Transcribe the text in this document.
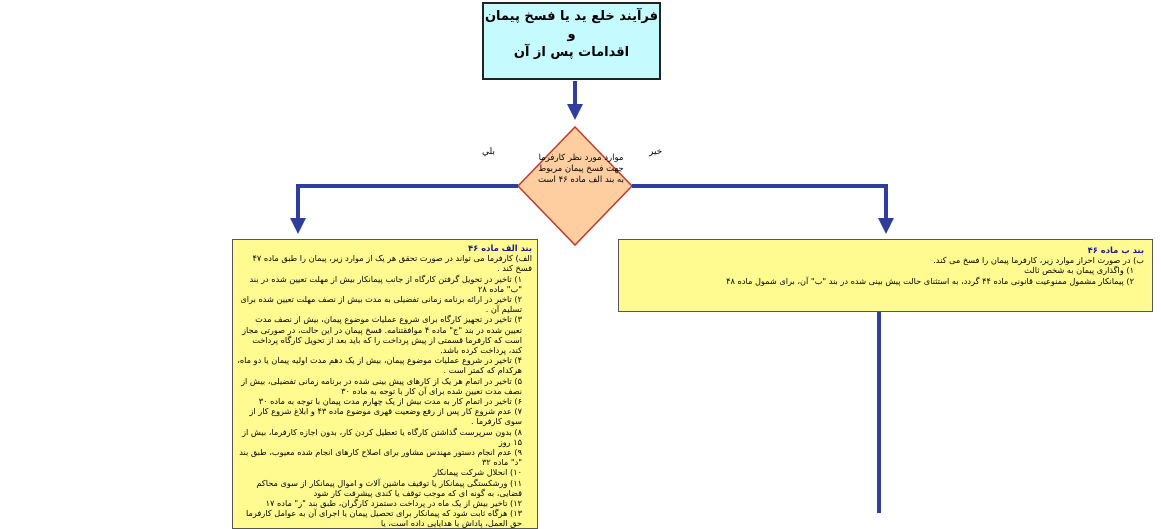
فرآیند خلع ید یا فسخ پیمان
و
اقدامات پس از آن
موارد مورد نظر کارفرما جهت فسخ پیمان مربوط به بند الف ماده ۴۶ است
بلي	خير

بند الف ماده ۴۶

الف) کارفرما می تواند در صورت تحقق هر یک از موارد زیر، پیمان را طبق ماده ۴۷ فسخ کند .

۱) تاخیر در تحویل گرفتن کارگاه از جانب پیمانکار بیش از مهلت تعیین شده در بند "ب" ماده ۲۸
۲) تاخیر در ارائه برنامه زمانی تفضیلی به مدت بیش از نصف مهلت تعیین شده برای تسلیم آن .
۳) تاخیر در تجهیز کارگاه برای شروع عملیات موضوع پیمان، بیش از نصف مدت تعیین شده در بند "ج" ماده ۴ موافقتنامه. فسخ پیمان در این حالت، در صورتی مجاز است که کارفرما قسمتی از پیش پرداخت را که باید بعد از تحویل کارگاه پرداخت کند، پرداخت کرده باشد.
۴) تاخیر در شروع عملیات موضوع پیمان، بیش از یک دهم مدت اولیه پیمان یا دو ماه، هرکدام که کمتر است .
۵) تاخیر در اتمام هر یک از کارهای پیش بینی شده در برنامه زمانی تفضیلی، بیش از نصف مدت تعیین شده برای آن کار با توجه به ماده ۳۰
۶) تاخیر در اتمام کار به مدت بیش از یک چهارم مدت پیمان با توجه به ماده ۳۰
۷) عدم شروع کار پس از رفع وضعیت قهری موضوع ماده ۴۳ و ابلاغ شروع کار از سوی کارفرما .
۸) بدون سرپرست گذاشتن کارگاه یا تعطیل کردن کار، بدون اجازه کارفرما، بیش از ۱۵ روز
۹) عدم انجام دستور مهندس مشاور برای اصلاح کارهای انجام شده معیوب، طبق بند "د" ماده ۳۲
۱۰) انحلال شرکت پیمانکار
۱۱) ورشکستگی پیمانکار یا توقیف ماشین آلات و اموال پیمانکار از سوی محاکم قضایی، به گونه ای که موجب توقف یا کندی پیشرفت کار شود
۱۲) تاخیر بیش از یک ماه در پرداخت دستمزد کارگران، طبق بند "ز" ماده ۱۷
۱۳) هرگاه ثابت شود که پیمانکار برای تحصیل پیمان یا اجرای آن به عوامل کارفرما حق العمل، پاداش یا هدایایی داده است، یا

بند ب ماده ۴۶

ب) در صورت احراز موارد زیر، کارفرما پیمان را فسخ می کند.

۱) واگذاری پیمان به شخص ثالث
۲) پیمانکار مشمول ممنوعیت قانونی ماده ۴۴ گردد، به استثنای حالت پیش بینی شده در بند "ب" آن، برای شمول ماده ۴۸
